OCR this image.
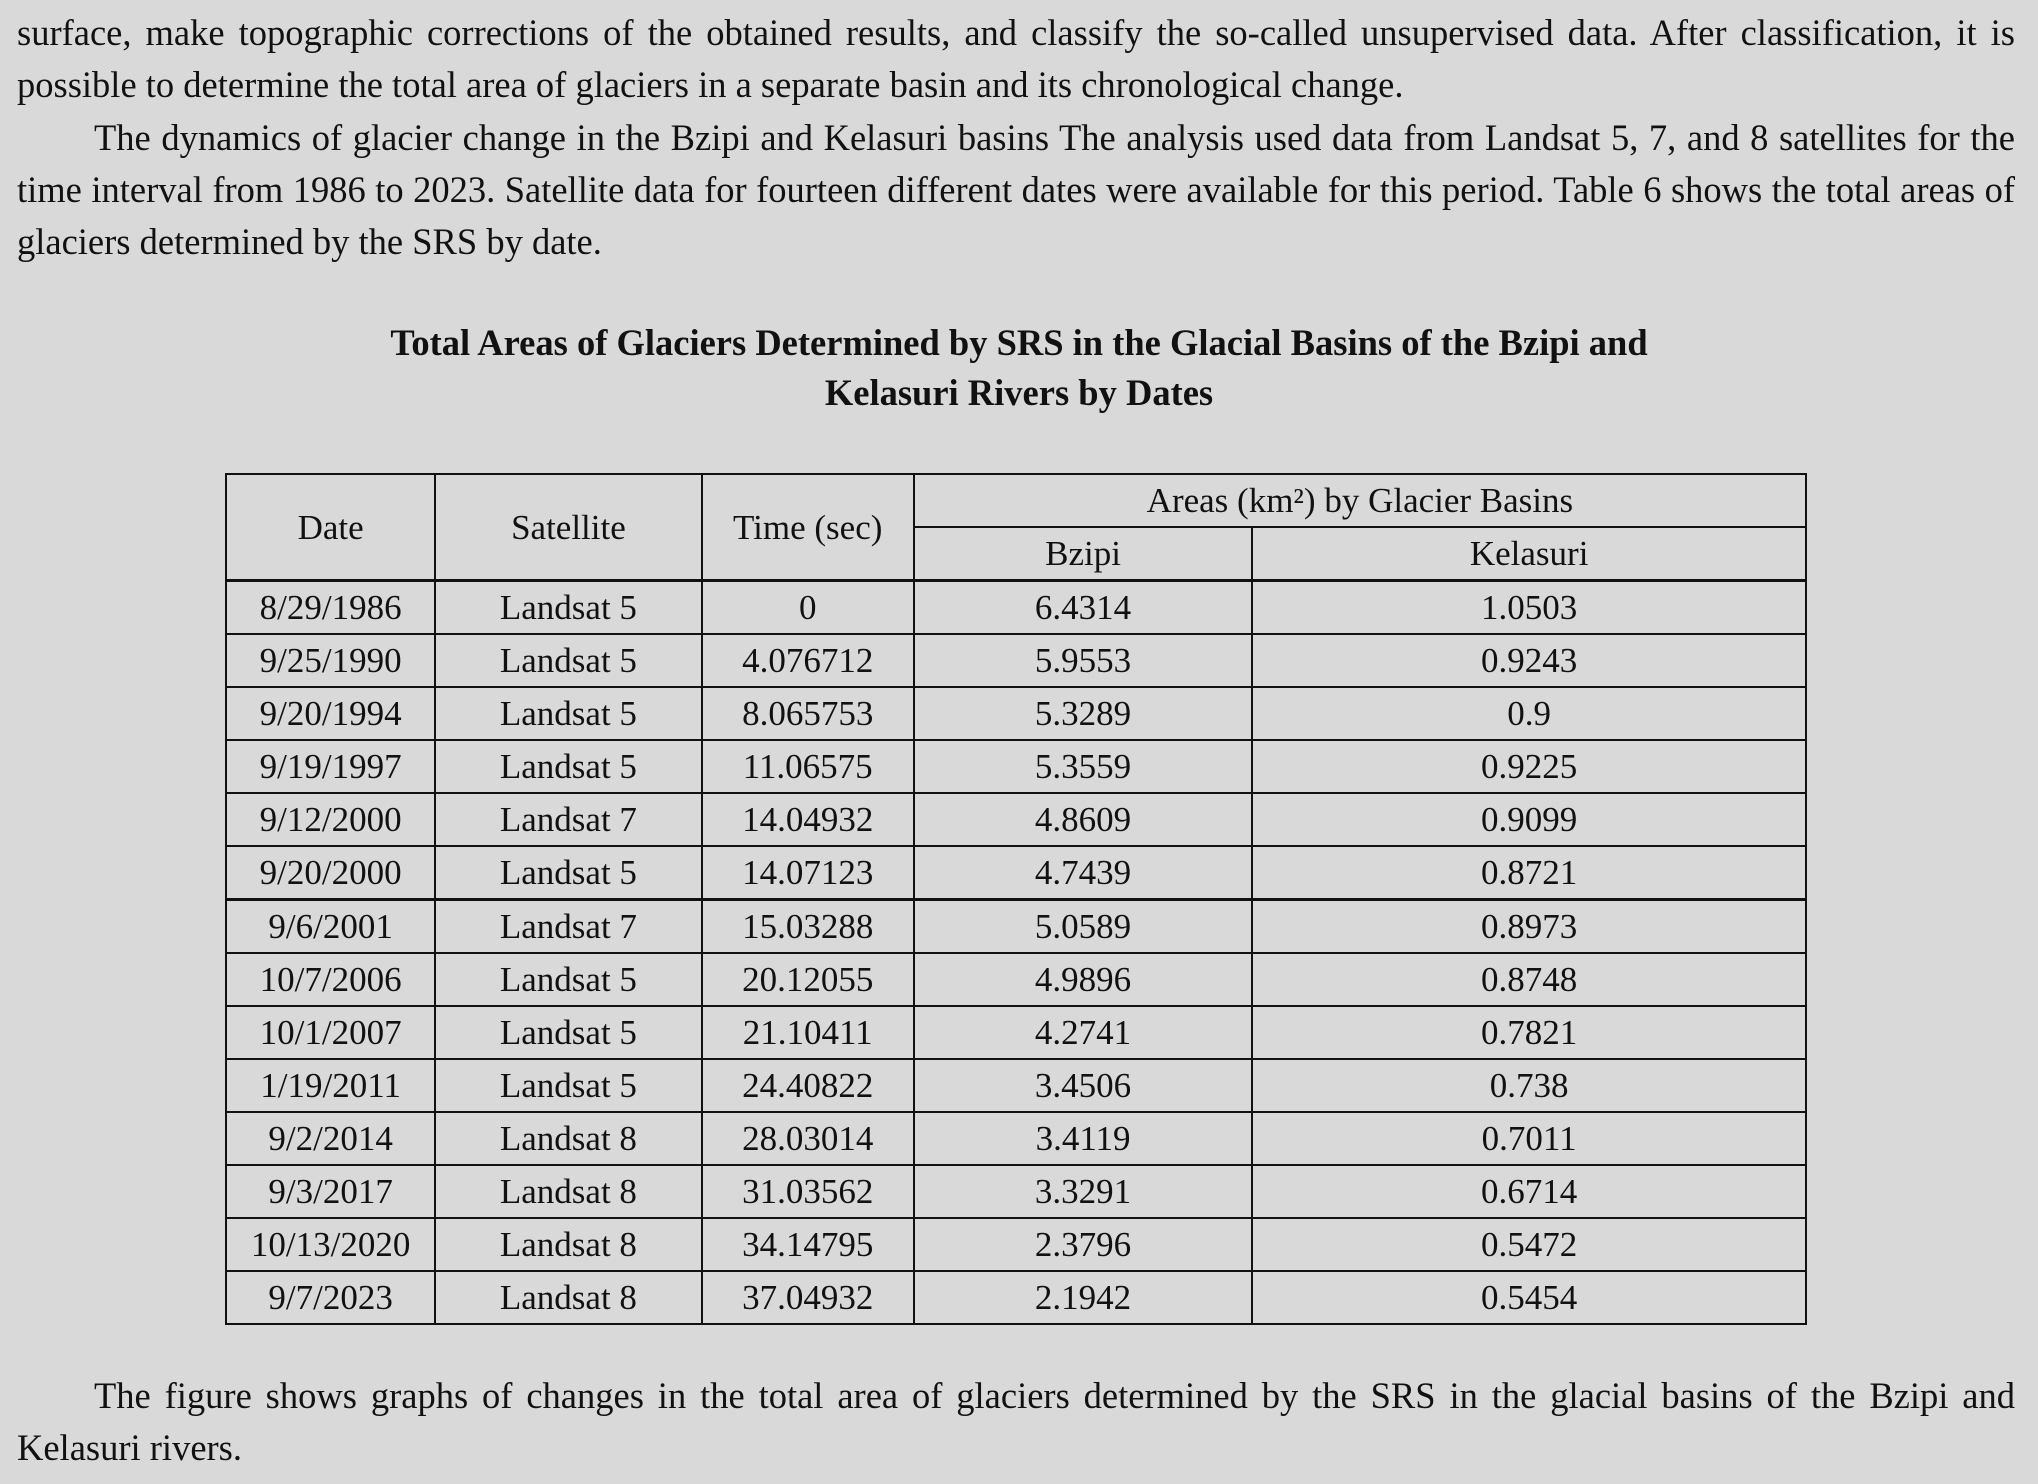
surface, make topographic corrections of the obtained results, and classify the so-called unsupervised data. After classification, it is possible to determine the total area of glaciers in a separate basin and its chronological change.

The dynamics of glacier change in the Bzipi and Kelasuri basins The analysis used data from Landsat 5, 7, and 8 satellites for the time interval from 1986 to 2023. Satellite data for fourteen different dates were available for this period. Table 6 shows the total areas of glaciers determined by the SRS by date.

Total Areas of Glaciers Determined by SRS in the Glacial Basins of the Bzipi and
Kelasuri Rivers by Dates
Date	Satellite	Time (sec)	Areas (km²) by Glacier Basins	
			Bzipi	Kelasuri
8/29/1986	Landsat 5	0	6.4314	1.0503
9/25/1990	Landsat 5	4.076712	5.9553	0.9243
9/20/1994	Landsat 5	8.065753	5.3289	0.9
9/19/1997	Landsat 5	11.06575	5.3559	0.9225
9/12/2000	Landsat 7	14.04932	4.8609	0.9099
9/20/2000	Landsat 5	14.07123	4.7439	0.8721
9/6/2001	Landsat 7	15.03288	5.0589	0.8973
10/7/2006	Landsat 5	20.12055	4.9896	0.8748
10/1/2007	Landsat 5	21.10411	4.2741	0.7821
1/19/2011	Landsat 5	24.40822	3.4506	0.738
9/2/2014	Landsat 8	28.03014	3.4119	0.7011
9/3/2017	Landsat 8	31.03562	3.3291	0.6714
10/13/2020	Landsat 8	34.14795	2.3796	0.5472
9/7/2023	Landsat 8	37.04932	2.1942	0.5454

The figure shows graphs of changes in the total area of glaciers determined by the SRS in the glacial basins of the Bzipi and Kelasuri rivers.
